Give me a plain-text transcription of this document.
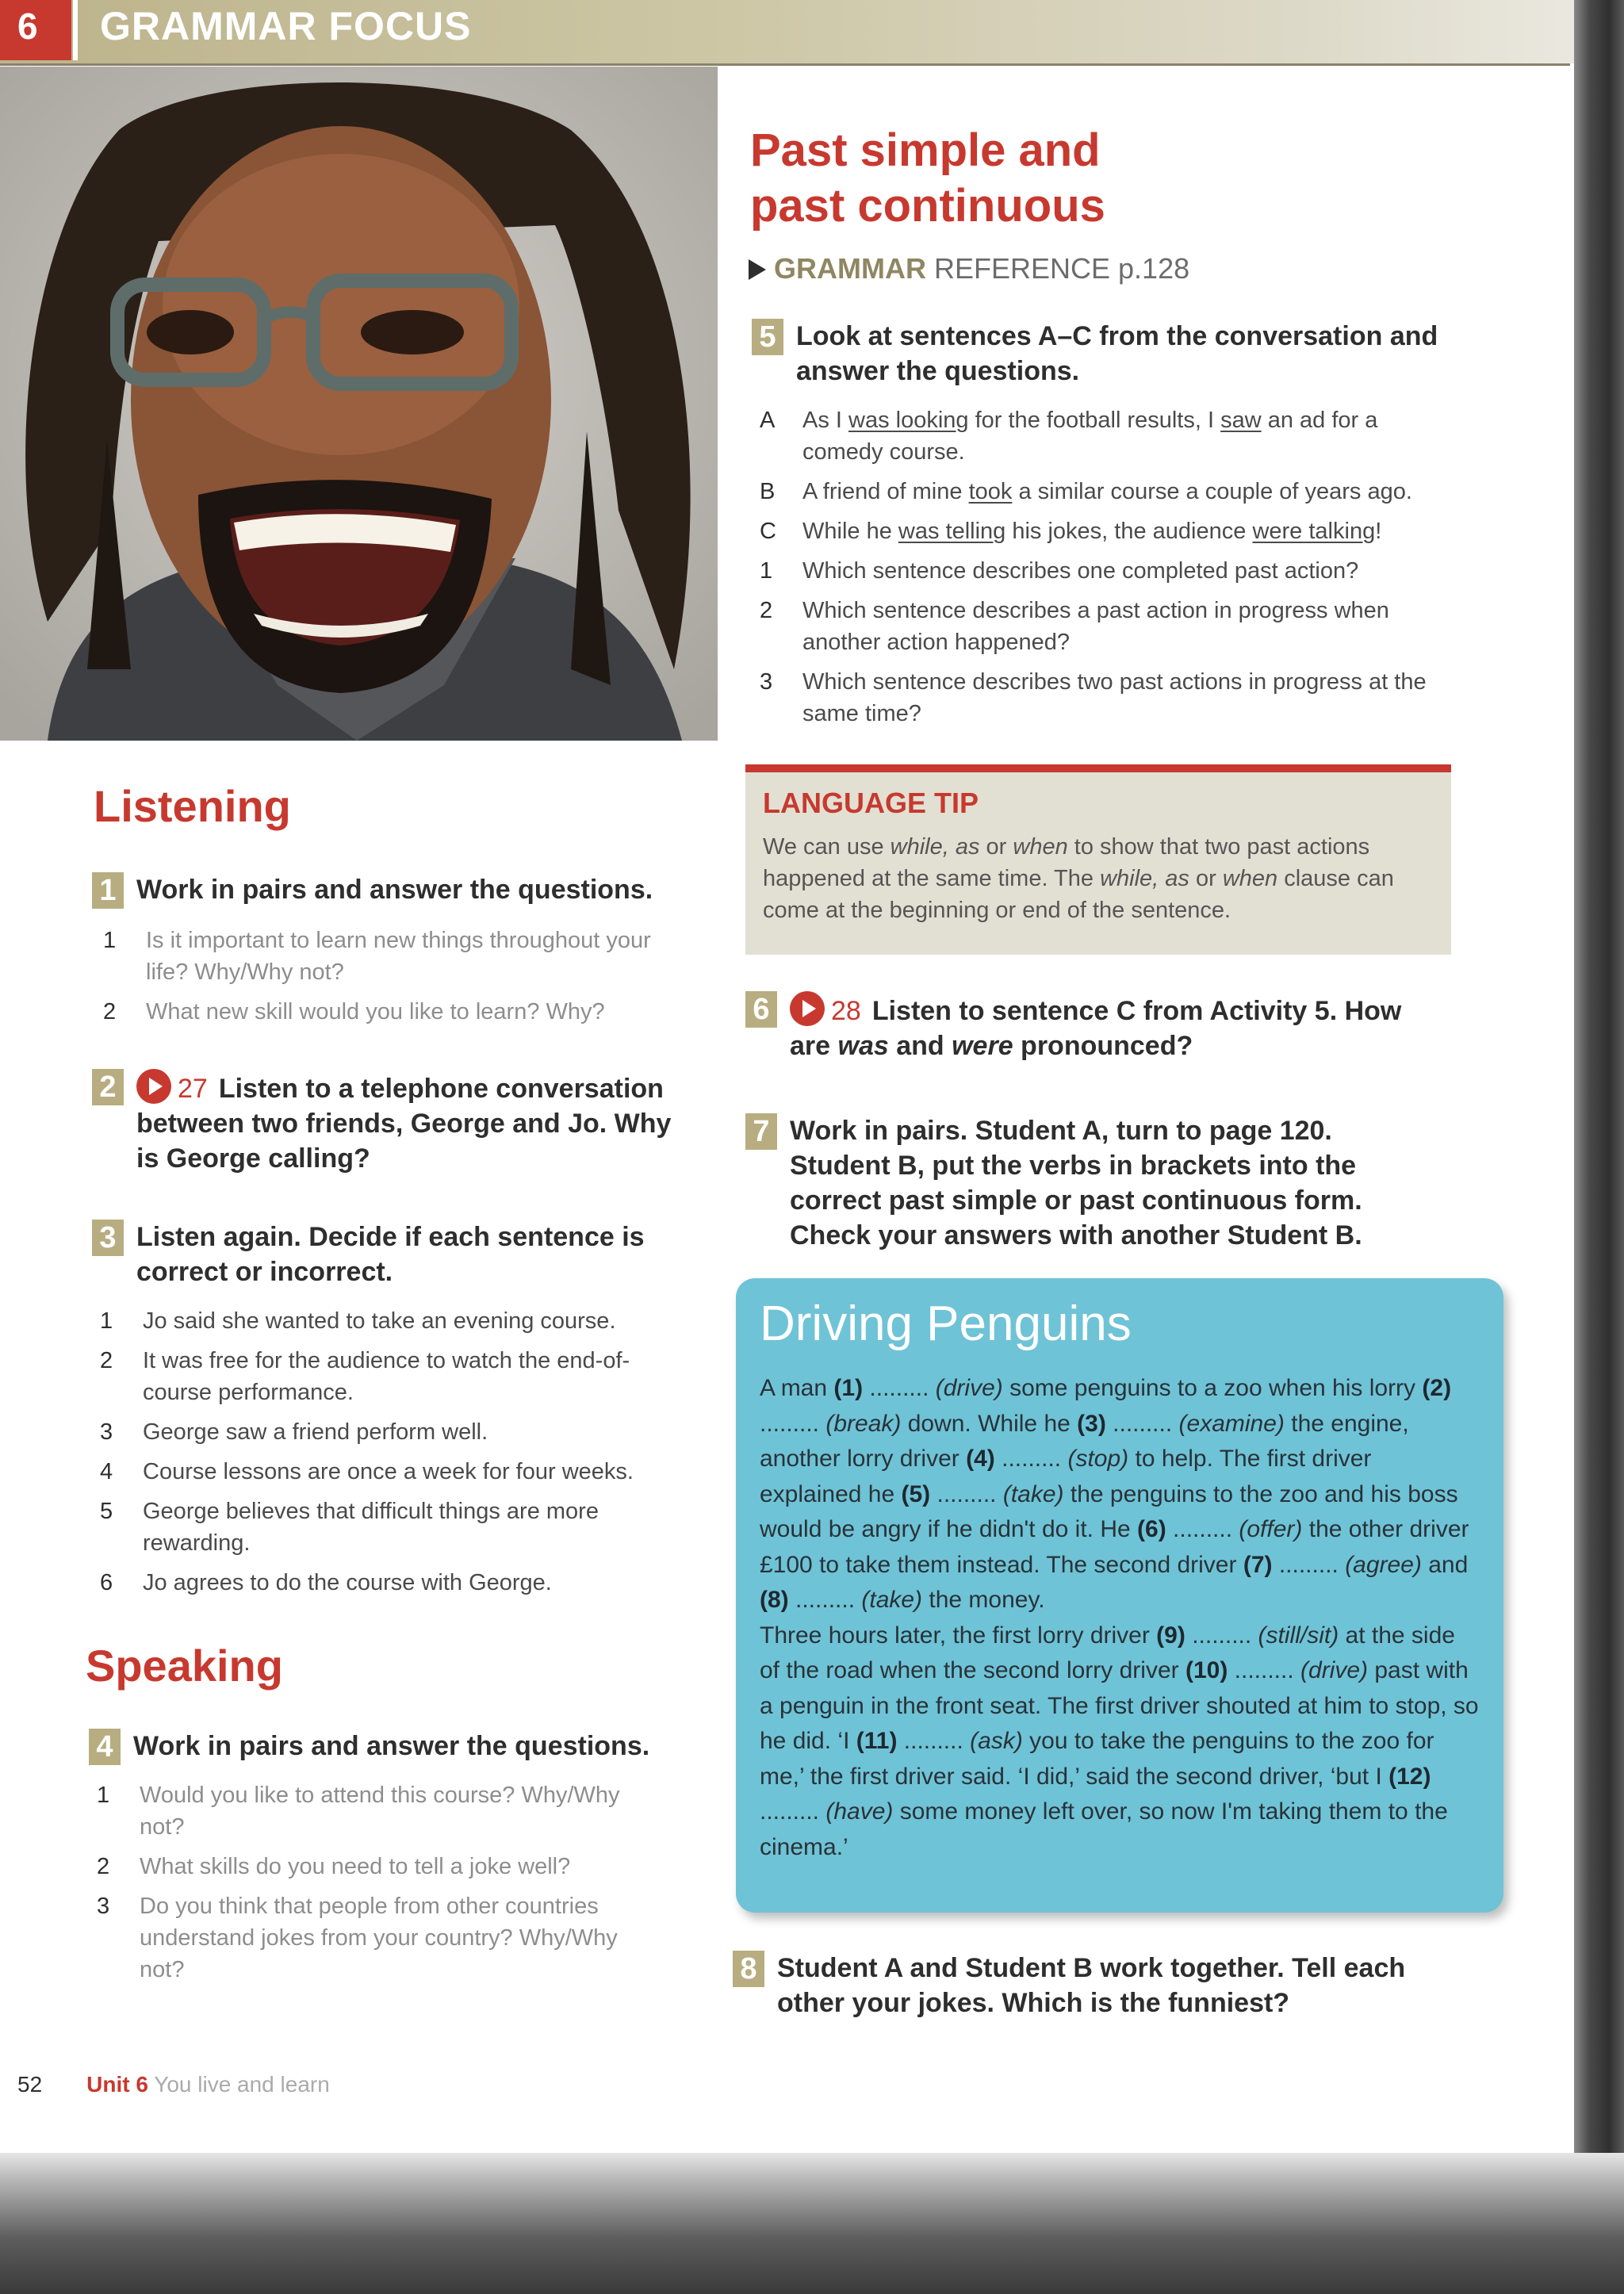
6	GRAMMAR FOCUS
Past simple and
past continuous
GRAMMAR REFERENCE p.128
5 Look at sentences A–C from the conversation and answer the questions.
A	As I was looking for the football results, I saw an ad for a comedy course.
B	A friend of mine took a similar course a couple of years ago.
C	While he was telling his jokes, the audience were talking!
1	Which sentence describes one completed past action?
2	Which sentence describes a past action in progress when another action happened?
3	Which sentence describes two past actions in progress at the same time?
LANGUAGE TIP
We can use while, as or when to show that two past actions happened at the same time. The while, as or when clause can come at the beginning or end of the sentence.
6	28 Listen to sentence C from Activity 5. How are was and were pronounced?
7 Work in pairs. Student A, turn to page 120. Student B, put the verbs in brackets into the correct past simple or past continuous form. Check your answers with another Student B.
Driving Penguins
A man (1) ......... (drive) some penguins to a zoo when his lorry (2) ......... (break) down. While he (3) ......... (examine) the engine, another lorry driver (4) ......... (stop) to help. The first driver explained he (5) ......... (take) the penguins to the zoo and his boss would be angry if he didn't do it. He (6) ......... (offer) the other driver £100 to take them instead. The second driver (7) ......... (agree) and (8) ......... (take) the money.
Three hours later, the first lorry driver (9) ......... (still/sit) at the side of the road when the second lorry driver (10) ......... (drive) past with a penguin in the front seat. The first driver shouted at him to stop, so he did. ‘I (11) ......... (ask) you to take the penguins to the zoo for me,’ the first driver said. ‘I did,’ said the second driver, ‘but I (12) ......... (have) some money left over, so now I'm taking them to the cinema.’
8 Student A and Student B work together. Tell each other your jokes. Which is the funniest?
Listening
1 Work in pairs and answer the questions.
1	Is it important to learn new things throughout your life? Why/Why not?
2	What new skill would you like to learn? Why?
2	27 Listen to a telephone conversation between two friends, George and Jo. Why is George calling?
3 Listen again. Decide if each sentence is correct or incorrect.
1	Jo said she wanted to take an evening course.
2	It was free for the audience to watch the end-of-course performance.
3	George saw a friend perform well.
4	Course lessons are once a week for four weeks.
5	George believes that difficult things are more rewarding.
6	Jo agrees to do the course with George.
Speaking
4 Work in pairs and answer the questions.
1	Would you like to attend this course? Why/Why not?
2	What skills do you need to tell a joke well?
3	Do you think that people from other countries understand jokes from your country? Why/Why not?
52 Unit 6 You live and learn
